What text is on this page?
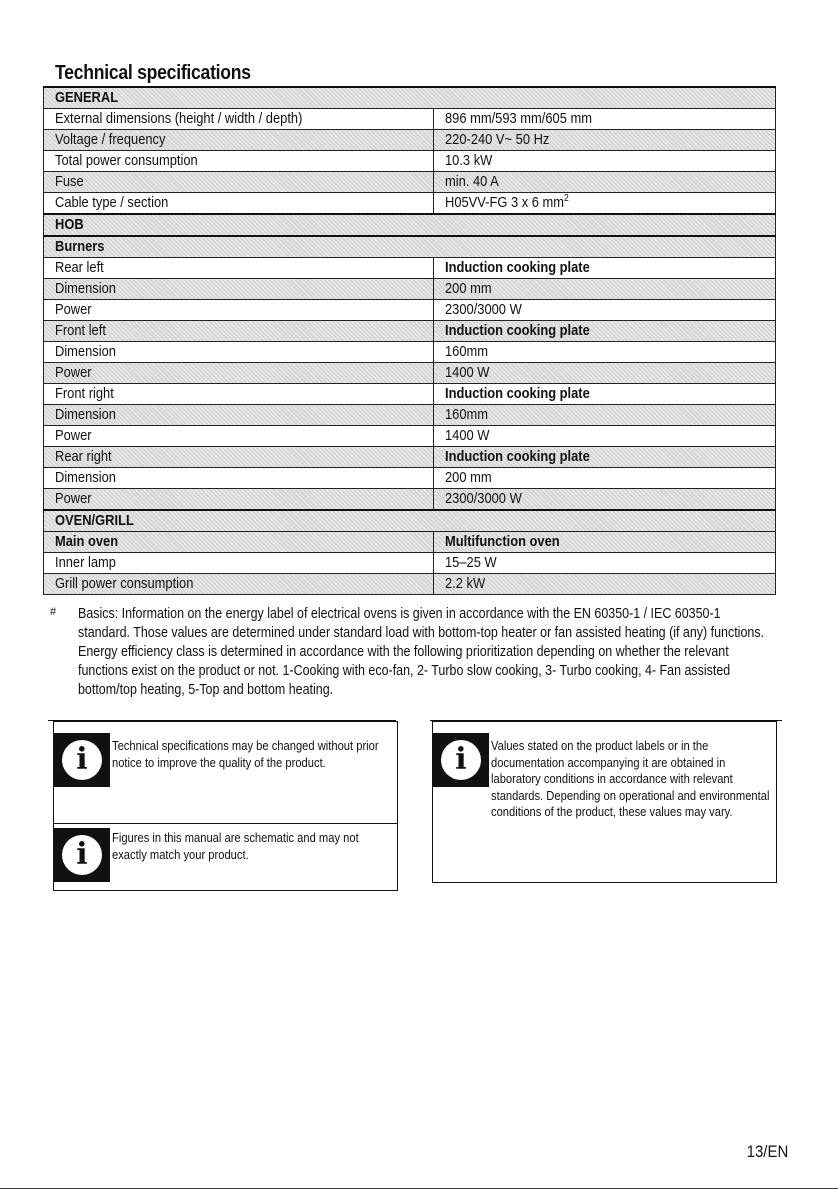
Technical specifications
GENERAL	
External dimensions (height / width / depth)	896 mm/593 mm/605 mm
Voltage / frequency	220-240 V~ 50 Hz
Total power consumption	10.3 kW
Fuse	min. 40 A
Cable type / section	H05VV-FG 3 x 6 $mm^2$
HOB	
Burners	
Rear left	Induction cooking plate
Dimension	200 mm
Power	2300/3000 W
Front left	Induction cooking plate
Dimension	160mm
Power	1400 W
Front right	Induction cooking plate
Dimension	160mm
Power	1400 W
Rear right	Induction cooking plate
Dimension	200 mm
Power	2300/3000 W
OVEN/GRILL	
Main oven	Multifunction oven
Inner lamp	15–25 W
Grill power consumption	2.2 kW
# Basics: Information on the energy label of electrical ovens is given in accordance with the EN 60350-1 / IEC 60350-1 standard. Those values are determined under standard load with bottom-top heater or fan assisted heating (if any) functions.

Energy efficiency class is determined in accordance with the following prioritization depending on whether the relevant functions exist on the product or not. 1-Cooking with eco-fan, 2- Turbo slow cooking, 3- Turbo cooking, 4- Fan assisted bottom/top heating, 5-Top and bottom heating.

i	Technical specifications may be changed without prior notice to improve the quality of the product.
i	Figures in this manual are schematic and may not exactly match your product.
i	Values stated on the product labels or in the documentation accompanying it are obtained in laboratory conditions in accordance with relevant standards. Depending on operational and environmental conditions of the product, these values may vary.
13/EN
